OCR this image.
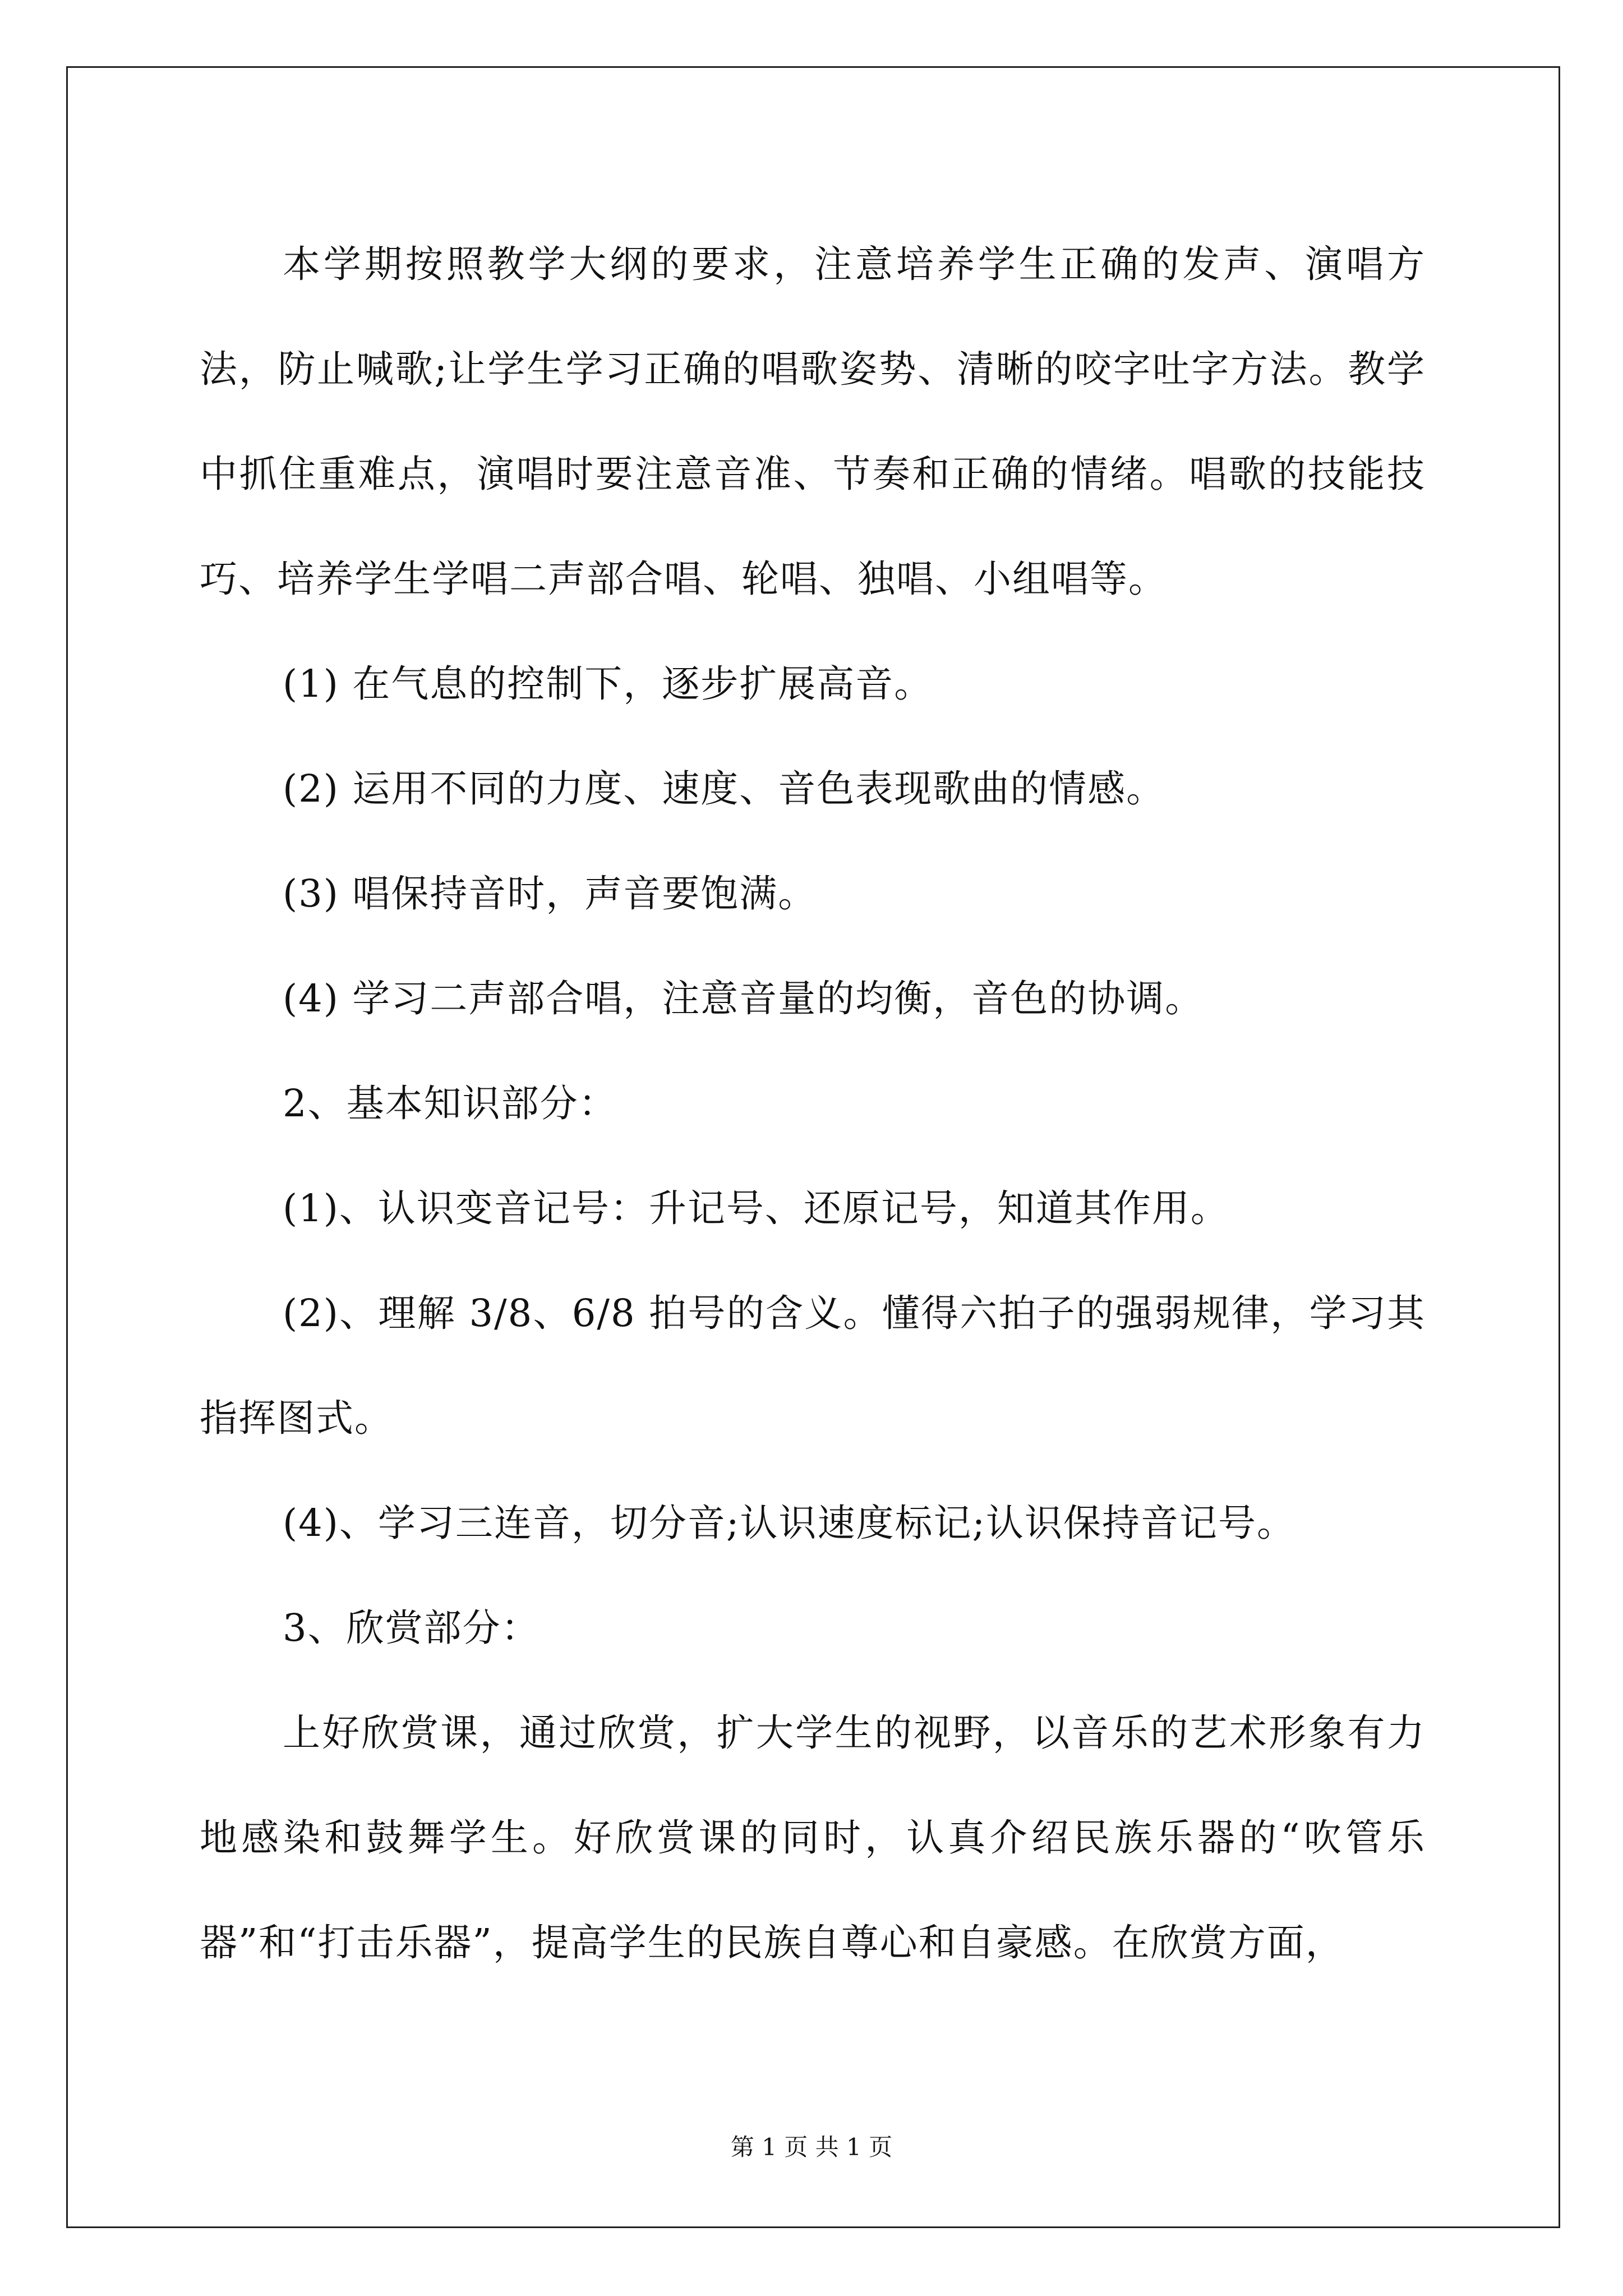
本学期按照教学大纲的要求，注意培养学生正确的发声、演唱方法，防止喊歌;让学生学习正确的唱歌姿势、清晰的咬字吐字方法。教学中抓住重难点，演唱时要注意音准、节奏和正确的情绪。唱歌的技能技巧、培养学生学唱二声部合唱、轮唱、独唱、小组唱等。

(1) 在气息的控制下，逐步扩展高音。

(2) 运用不同的力度、速度、音色表现歌曲的情感。

(3) 唱保持音时，声音要饱满。

(4) 学习二声部合唱，注意音量的均衡，音色的协调。

2、基本知识部分：

(1)、认识变音记号：升记号、还原记号，知道其作用。

(2)、理解 3/8、6/8 拍号的含义。懂得六拍子的强弱规律，学习其指挥图式。

(4)、学习三连音，切分音;认识速度标记;认识保持音记号。

3、欣赏部分：

上好欣赏课，通过欣赏，扩大学生的视野，以音乐的艺术形象有力地感染和鼓舞学生。好欣赏课的同时，认真介绍民族乐器的“吹管乐器”和“打击乐器”，提高学生的民族自尊心和自豪感。在欣赏方面，

第 1 页 共 1 页
